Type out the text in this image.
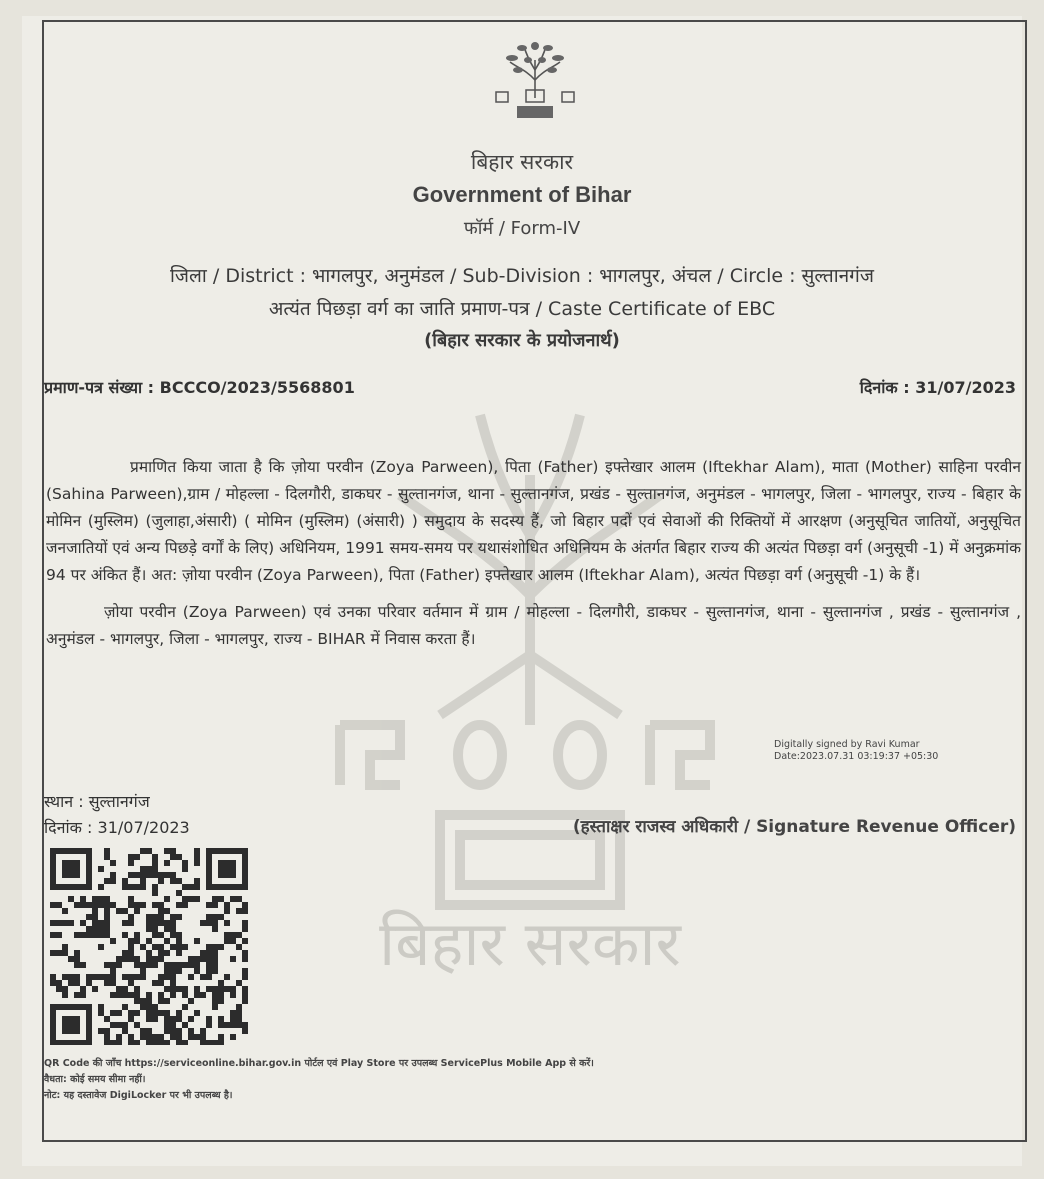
बिहार सरकार
Government of Bihar
फॉर्म / Form-IV
जिला / District : भागलपुर, अनुमंडल / Sub-Division : भागलपुर, अंचल / Circle : सुल्तानगंज
अत्यंत पिछड़ा वर्ग का जाति प्रमाण-पत्र / Caste Certificate of EBC
(बिहार सरकार के प्रयोजनार्थ)
प्रमाण-पत्र संख्या : BCCCO/2023/5568801	दिनांक : 31/07/2023
बिहार सरकार

प्रमाणित किया जाता है कि ज़ोया परवीन (Zoya Parween), पिता (Father) इफ्तेखार आलम (Iftekhar Alam), माता (Mother) साहिना परवीन (Sahina Parween),ग्राम / मोहल्ला - दिलगौरी, डाकघर - सुल्तानगंज, थाना - सुल्तानगंज, प्रखंड - सुल्तानगंज, अनुमंडल - भागलपुर, जिला - भागलपुर, राज्य - बिहार के मोमिन (मुस्लिम) (जुलाहा,अंसारी) ( मोमिन (मुस्लिम) (अंसारी) ) समुदाय के सदस्य हैं, जो बिहार पदों एवं सेवाओं की रिक्तियों में आरक्षण (अनुसूचित जातियों, अनुसूचित जनजातियों एवं अन्य पिछड़े वर्गों के लिए) अधिनियम, 1991 समय-समय पर यथासंशोधित अधिनियम के अंतर्गत बिहार राज्य की अत्यंत पिछड़ा वर्ग (अनुसूची -1) में अनुक्रमांक 94 पर अंकित हैं। अत: ज़ोया परवीन (Zoya Parween), पिता (Father) इफ्तेखार आलम (Iftekhar Alam), अत्यंत पिछड़ा वर्ग (अनुसूची -1) के हैं।

ज़ोया परवीन (Zoya Parween) एवं उनका परिवार वर्तमान में ग्राम / मोहल्ला - दिलगौरी, डाकघर - सुल्तानगंज, थाना - सुल्तानगंज , प्रखंड - सुल्तानगंज , अनुमंडल - भागलपुर, जिला - भागलपुर, राज्य - BIHAR में निवास करता हैं।

Digitally signed by Ravi Kumar
Date:2023.07.31 03:19:37 +05:30
स्थान : सुल्तानगंज
दिनांक : 31/07/2023	(हस्ताक्षर राजस्व अधिकारी / Signature Revenue Officer)
QR Code की जाँच https://serviceonline.bihar.gov.in पोर्टल एवं Play Store पर उपलब्ध ServicePlus Mobile App से करें।
वैधता: कोई समय सीमा नहीं।
नोट: यह दस्तावेज DigiLocker पर भी उपलब्ध है।
